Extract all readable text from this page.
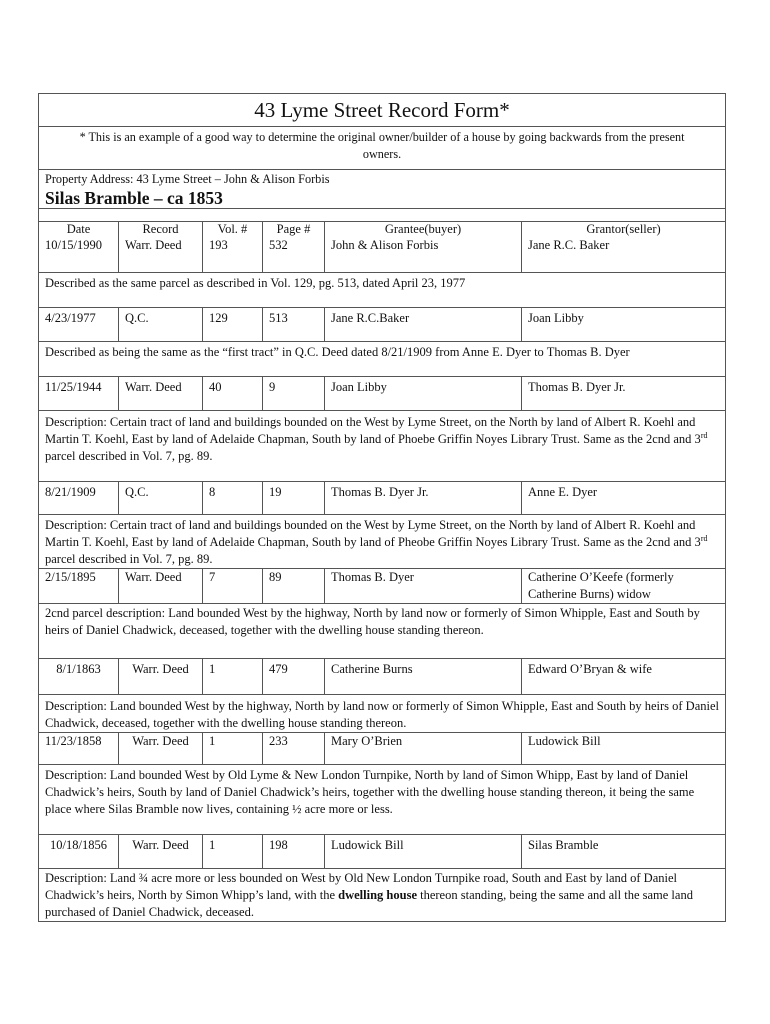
43 Lyme Street Record Form*					
* This is an example of a good way to determine the original owner/builder of a house by going backwards from the present owners.					
Property Address: 43 Lyme Street – John & Alison Forbis					
Silas Bramble – ca 1853					

Date	Record	Vol. #	Page #	Grantee(buyer)	Grantor(seller)
10/15/1990	Warr. Deed	193	532	John & Alison Forbis	Jane R.C. Baker
Described as the same parcel as described in Vol. 129, pg. 513, dated April 23, 1977					
4/23/1977	Q.C.	129	513	Jane R.C.Baker	Joan Libby
Described as being the same as the “first tract” in Q.C. Deed dated 8/21/1909 from Anne E. Dyer to Thomas B. Dyer					
11/25/1944	Warr. Deed	40	9	Joan Libby	Thomas B. Dyer Jr.
Description: Certain tract of land and buildings bounded on the West by Lyme Street, on the North by land of Albert R. Koehl and Martin T. Koehl, East by land of Adelaide Chapman, South by land of Phoebe Griffin Noyes Library Trust. Same as the 2cnd and 3rd parcel described in Vol. 7, pg. 89.					
8/21/1909	Q.C.	8	19	Thomas B. Dyer Jr.	Anne E. Dyer
Description: Certain tract of land and buildings bounded on the West by Lyme Street, on the North by land of Albert R. Koehl and Martin T. Koehl, East by land of Adelaide Chapman, South by land of Pheobe Griffin Noyes Library Trust. Same as the 2cnd and 3rd parcel described in Vol. 7, pg. 89.					
2/15/1895	Warr. Deed	7	89	Thomas B. Dyer	Catherine O’Keefe (formerly Catherine Burns) widow
2cnd parcel description: Land bounded West by the highway, North by land now or formerly of Simon Whipple, East and South by heirs of Daniel Chadwick, deceased, together with the dwelling house standing thereon.					
8/1/1863	Warr. Deed	1	479	Catherine Burns	Edward O’Bryan & wife
Description: Land bounded West by the highway, North by land now or formerly of Simon Whipple, East and South by heirs of Daniel Chadwick, deceased, together with the dwelling house standing thereon.					
11/23/1858	Warr. Deed	1	233	Mary O’Brien	Ludowick Bill
Description: Land bounded West by Old Lyme & New London Turnpike, North by land of Simon Whipp, East by land of Daniel Chadwick’s heirs, South by land of Daniel Chadwick’s heirs, together with the dwelling house standing thereon, it being the same place where Silas Bramble now lives, containing ½ acre more or less.					
10/18/1856	Warr. Deed	1	198	Ludowick Bill	Silas Bramble
Description: Land ¾ acre more or less bounded on West by Old New London Turnpike road, South and East by land of Daniel Chadwick’s heirs, North by Simon Whipp’s land, with the dwelling house thereon standing, being the same and all the same land purchased of Daniel Chadwick, deceased.					
